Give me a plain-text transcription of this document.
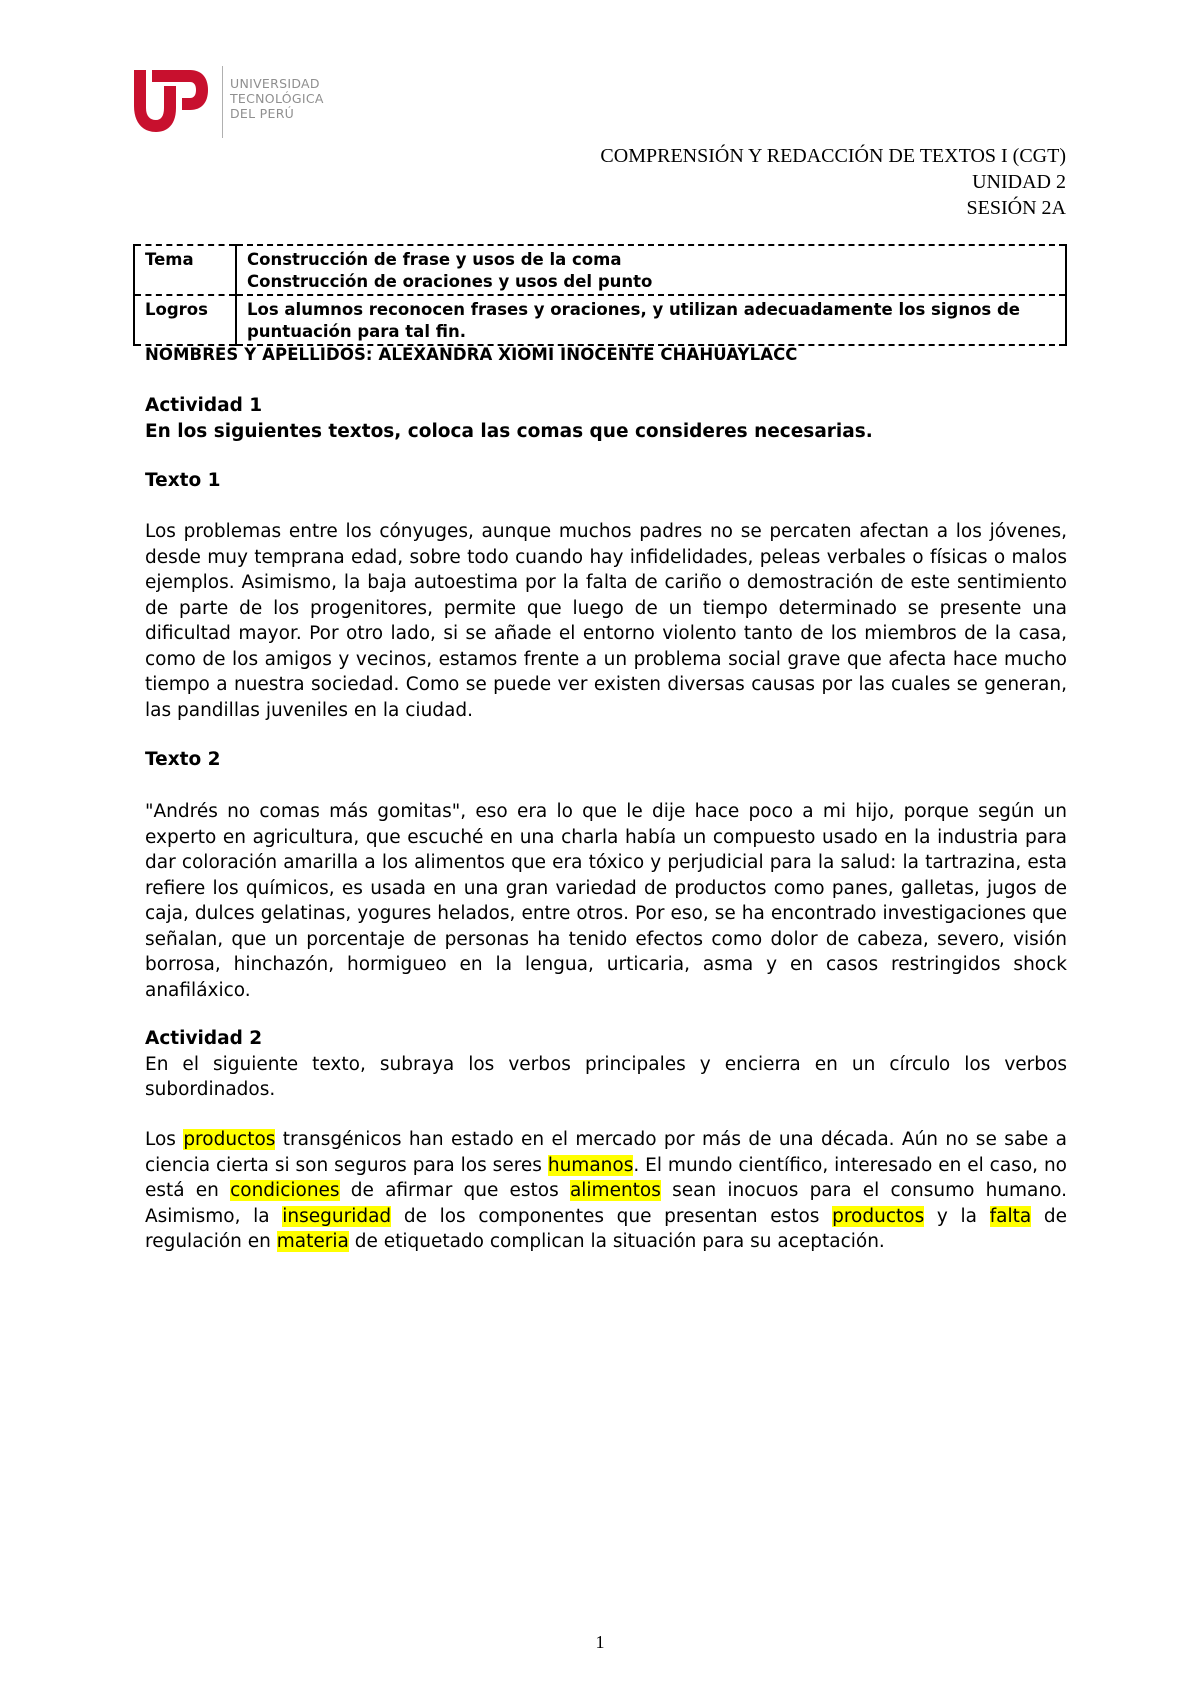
UNIVERSIDAD
TECNOLÓGICA
DEL PERÚ
COMPRENSIÓN Y REDACCIÓN DE TEXTOS I (CGT)
UNIDAD 2
SESIÓN 2A
Tema	Construcción de frase y usos de la coma
Construcción de oraciones y usos del punto

Logros	Los alumnos reconocen frases y oraciones, y utilizan adecuadamente los signos de puntuación para tal fin.
NOMBRES Y APELLIDOS: ALEXANDRA XIOMI INOCENTE CHAHUAYLACC

Actividad 1

En los siguientes textos, coloca las comas que consideres necesarias.

Texto 1

Los problemas entre los cónyuges, aunque muchos padres no se percaten afectan a los jóvenes, desde muy temprana edad, sobre todo cuando hay infidelidades, peleas verbales o físicas o malos ejemplos. Asimismo, la baja autoestima por la falta de cariño o demostración de este sentimiento de parte de los progenitores, permite que luego de un tiempo determinado se presente una dificultad mayor. Por otro lado, si se añade el entorno violento tanto de los miembros de la casa, como de los amigos y vecinos, estamos frente a un problema social grave que afecta hace mucho tiempo a nuestra sociedad. Como se puede ver existen diversas causas por las cuales se generan, las pandillas juveniles en la ciudad.

Texto 2

"Andrés no comas más gomitas", eso era lo que le dije hace poco a mi hijo, porque según un experto en agricultura, que escuché en una charla había un compuesto usado en la industria para dar coloración amarilla a los alimentos que era tóxico y perjudicial para la salud: la tartrazina, esta refiere los químicos, es usada en una gran variedad de productos como panes, galletas, jugos de caja, dulces gelatinas, yogures helados, entre otros. Por eso, se ha encontrado investigaciones que señalan, que un porcentaje de personas ha tenido efectos como dolor de cabeza, severo, visión borrosa, hinchazón, hormigueo en la lengua, urticaria, asma y en casos restringidos shock anafiláxico.

Actividad 2

En el siguiente texto, subraya los verbos principales y encierra en un círculo los verbos subordinados.

Los productos transgénicos han estado en el mercado por más de una década. Aún no se sabe a ciencia cierta si son seguros para los seres humanos. El mundo científico, interesado en el caso, no está en condiciones de afirmar que estos alimentos sean inocuos para el consumo humano. Asimismo, la inseguridad de los componentes que presentan estos productos y la falta de regulación en materia de etiquetado complican la situación para su aceptación.

1
